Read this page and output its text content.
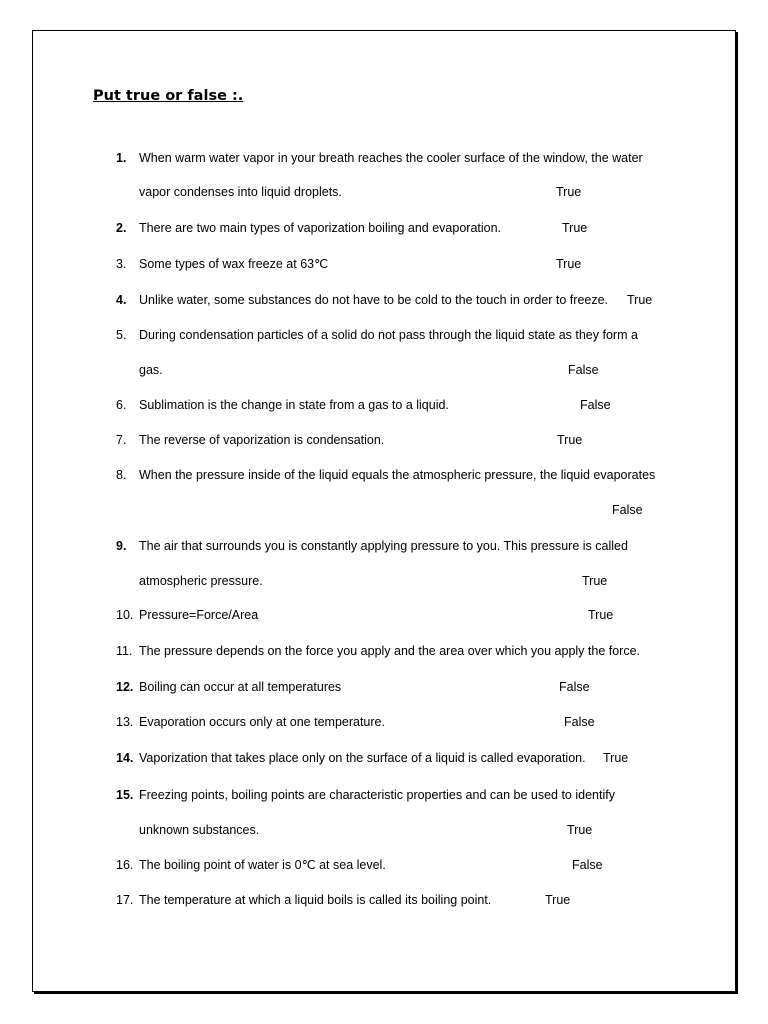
Put true or false :.
1. When warm water vapor in your breath reaches the cooler surface of the window, the water
vapor condenses into liquid droplets.	True
2. There are two main types of vaporization boiling and evaporation.	True
3. Some types of wax freeze at 63℃	True
4. Unlike water, some substances do not have to be cold to the touch in order to freeze. True
5. During condensation particles of a solid do not pass through the liquid state as they form a
gas.	False
6. Sublimation is the change in state from a gas to a liquid.	False
7. The reverse of vaporization is condensation.	True
8. When the pressure inside of the liquid equals the atmospheric pressure, the liquid evaporates
False
9. The air that surrounds you is constantly applying pressure to you. This pressure is called
atmospheric pressure.	True
10. Pressure=Force/Area	True
11. The pressure depends on the force you apply and the area over which you apply the force.
12. Boiling can occur at all temperatures	False
13. Evaporation occurs only at one temperature.	False
14. Vaporization that takes place only on the surface of a liquid is called evaporation. True
15. Freezing points, boiling points are characteristic properties and can be used to identify
unknown substances.	True
16. The boiling point of water is 0℃ at sea level.	False
17. The temperature at which a liquid boils is called its boiling point.	True
